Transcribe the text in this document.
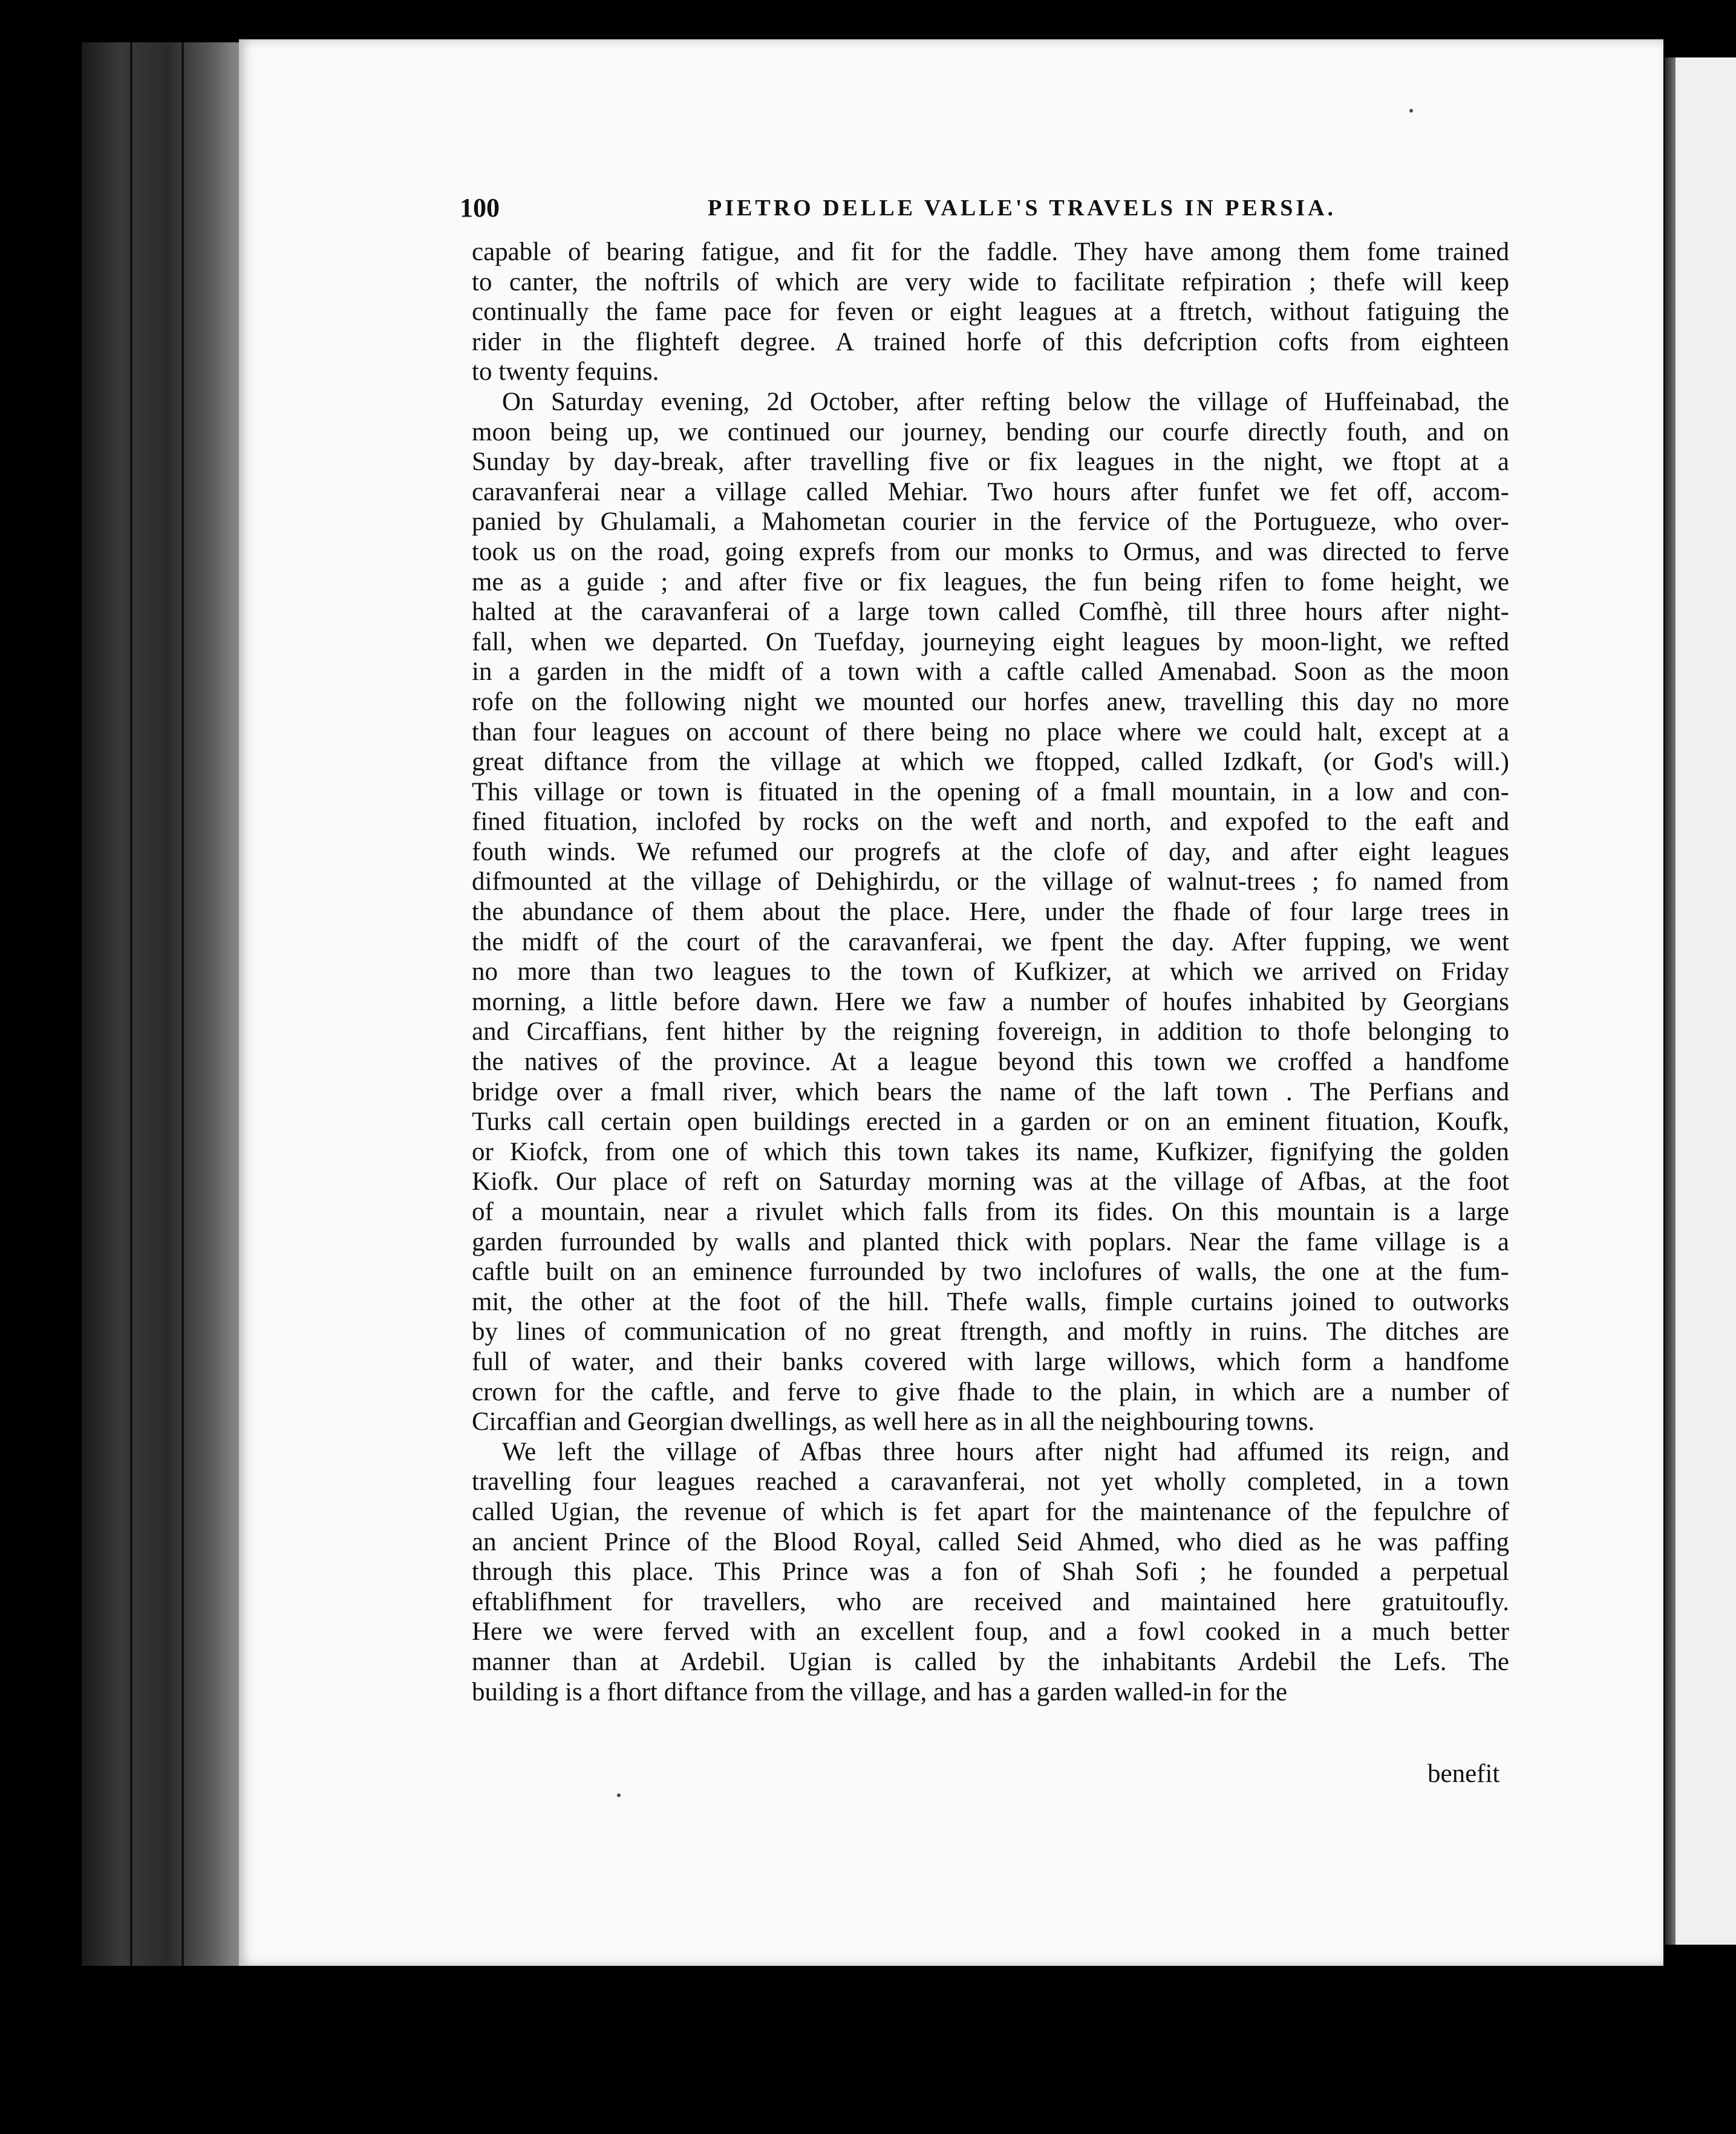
100	PIETRO DELLE VALLE'S TRAVELS IN PERSIA.
capable of bearing fatigue, and fit for the faddle. They have among them fome trained
to canter, the noftrils of which are very wide to facilitate refpiration ; thefe will keep
continually the fame pace for feven or eight leagues at a ftretch, without fatiguing the
rider in the flighteft degree. A trained horfe of this defcription cofts from eighteen
to twenty fequins.
On Saturday evening, 2d October, after refting below the village of Huffeinabad, the
moon being up, we continued our journey, bending our courfe directly fouth, and on
Sunday by day-break, after travelling five or fix leagues in the night, we ftopt at a
caravanferai near a village called Mehiar. Two hours after funfet we fet off, accom-
panied by Ghulamali, a Mahometan courier in the fervice of the Portugueze, who over-
took us on the road, going exprefs from our monks to Ormus, and was directed to ferve
me as a guide ; and after five or fix leagues, the fun being rifen to fome height, we
halted at the caravanferai of a large town called Comfhè, till three hours after night-
fall, when we departed. On Tuefday, journeying eight leagues by moon-light, we refted
in a garden in the midft of a town with a caftle called Amenabad. Soon as the moon
rofe on the following night we mounted our horfes anew, travelling this day no more
than four leagues on account of there being no place where we could halt, except at a
great diftance from the village at which we ftopped, called Izdkaft, (or God's will.)
This village or town is fituated in the opening of a fmall mountain, in a low and con-
fined fituation, inclofed by rocks on the weft and north, and expofed to the eaft and
fouth winds. We refumed our progrefs at the clofe of day, and after eight leagues
difmounted at the village of Dehighirdu, or the village of walnut-trees ; fo named from
the abundance of them about the place. Here, under the fhade of four large trees in
the midft of the court of the caravanferai, we fpent the day. After fupping, we went
no more than two leagues to the town of Kufkizer, at which we arrived on Friday
morning, a little before dawn. Here we faw a number of houfes inhabited by Georgians
and Circaffians, fent hither by the reigning fovereign, in addition to thofe belonging to
the natives of the province. At a league beyond this town we croffed a handfome
bridge over a fmall river, which bears the name of the laft town . The Perfians and
Turks call certain open buildings erected in a garden or on an eminent fituation, Koufk,
or Kiofck, from one of which this town takes its name, Kufkizer, fignifying the golden
Kiofk. Our place of reft on Saturday morning was at the village of Afbas, at the foot
of a mountain, near a rivulet which falls from its fides. On this mountain is a large
garden furrounded by walls and planted thick with poplars. Near the fame village is a
caftle built on an eminence furrounded by two inclofures of walls, the one at the fum-
mit, the other at the foot of the hill. Thefe walls, fimple curtains joined to outworks
by lines of communication of no great ftrength, and moftly in ruins. The ditches are
full of water, and their banks covered with large willows, which form a handfome
crown for the caftle, and ferve to give fhade to the plain, in which are a number of
Circaffian and Georgian dwellings, as well here as in all the neighbouring towns.
We left the village of Afbas three hours after night had affumed its reign, and
travelling four leagues reached a caravanferai, not yet wholly completed, in a town
called Ugian, the revenue of which is fet apart for the maintenance of the fepulchre of
an ancient Prince of the Blood Royal, called Seid Ahmed, who died as he was paffing
through this place. This Prince was a fon of Shah Sofi ; he founded a perpetual
eftablifhment for travellers, who are received and maintained here gratuitoufly.
Here we were ferved with an excellent foup, and a fowl cooked in a much better
manner than at Ardebil. Ugian is called by the inhabitants Ardebil the Lefs. The
building is a fhort diftance from the village, and has a garden walled-in for the
benefit
